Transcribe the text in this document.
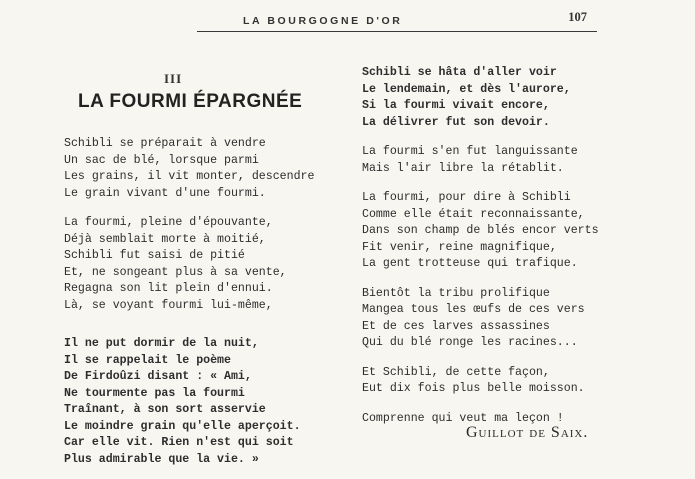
LA BOURGOGNE D'OR	107
III
LA FOURMI ÉPARGNÉE
Schibli se préparait à vendre
Un sac de blé, lorsque parmi
Les grains, il vit monter, descendre
Le grain vivant d'une fourmi.
La fourmi, pleine d'épouvante,
Déjà semblait morte à moitié,
Schibli fut saisi de pitié
Et, ne songeant plus à sa vente,
Regagna son lit plein d'ennui.
Là, se voyant fourmi lui-même,
Il ne put dormir de la nuit,
Il se rappelait le poème
De Firdoûzi disant : « Ami,
Ne tourmente pas la fourmi
Traînant, à son sort asservie
Le moindre grain qu'elle aperçoit.
Car elle vit. Rien n'est qui soit
Plus admirable que la vie. »
Schibli se hâta d'aller voir
Le lendemain, et dès l'aurore,
Si la fourmi vivait encore,
La délivrer fut son devoir.
La fourmi s'en fut languissante
Mais l'air libre la rétablit.
La fourmi, pour dire à Schibli
Comme elle était reconnaissante,
Dans son champ de blés encor verts
Fit venir, reine magnifique,
La gent trotteuse qui trafique.
Bientôt la tribu prolifique
Mangea tous les œufs de ces vers
Et de ces larves assassines
Qui du blé ronge les racines...
Et Schibli, de cette façon,
Eut dix fois plus belle moisson.
Comprenne qui veut ma leçon !
Guillot de Saix.
